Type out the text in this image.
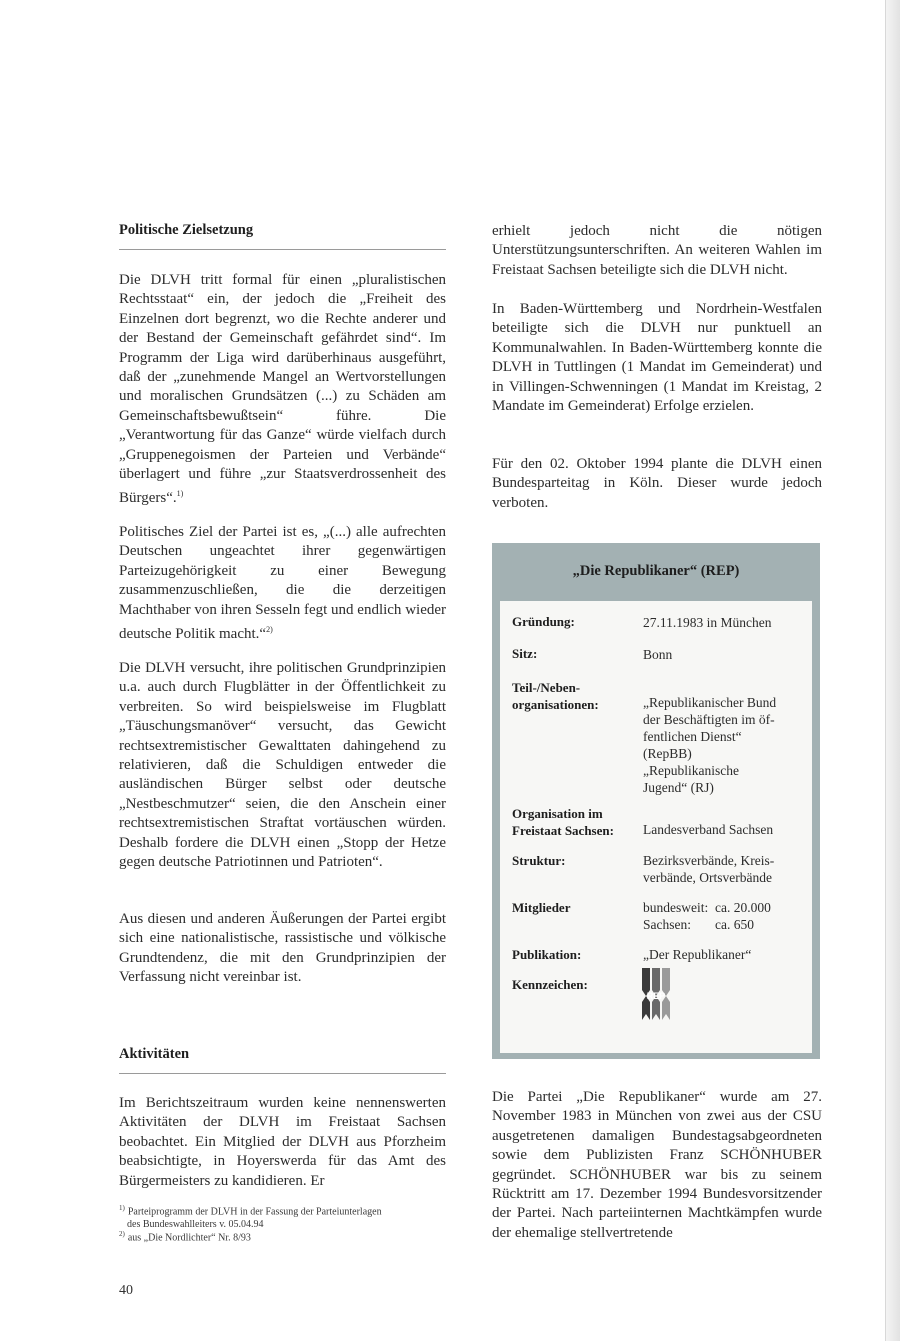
Politische Zielsetzung

Die DLVH tritt formal für einen „pluralistischen Rechtsstaat“ ein, der jedoch die „Freiheit des Einzelnen dort begrenzt, wo die Rechte anderer und der Bestand der Gemeinschaft gefährdet sind“. Im Programm der Liga wird darüberhinaus ausgeführt, daß der „zunehmende Mangel an Wertvorstellungen und moralischen Grundsätzen (...) zu Schäden am Gemeinschaftsbewußtsein“ führe. Die „Verantwortung für das Ganze“ würde vielfach durch „Gruppenegoismen der Parteien und Verbände“ überlagert und führe „zur Staatsverdrossenheit des Bürgers“.$^{1)}$

Politisches Ziel der Partei ist es, „(...) alle aufrechten Deutschen ungeachtet ihrer gegenwärtigen Parteizugehörigkeit zu einer Bewegung zusammenzuschließen, die die derzeitigen Machthaber von ihren Sesseln fegt und endlich wieder deutsche Politik macht.“$^{2)}$

Die DLVH versucht, ihre politischen Grundprinzipien u.a. auch durch Flugblätter in der Öffentlichkeit zu verbreiten. So wird beispielsweise im Flugblatt „Täuschungsmanöver“ versucht, das Gewicht rechtsextremistischer Gewalttaten dahingehend zu relativieren, daß die Schuldigen entweder die ausländischen Bürger selbst oder deutsche „Nestbeschmutzer“ seien, die den Anschein einer rechtsextremistischen Straftat vortäuschen würden. Deshalb fordere die DLVH einen „Stopp der Hetze gegen deutsche Patriotinnen und Patrioten“.

Aus diesen und anderen Äußerungen der Partei ergibt sich eine nationalistische, rassistische und völkische Grundtendenz, die mit den Grundprinzipien der Verfassung nicht vereinbar ist.

Aktivitäten

Im Berichtszeitraum wurden keine nennenswerten Aktivitäten der DLVH im Freistaat Sachsen beobachtet. Ein Mitglied der DLVH aus Pforzheim beabsichtigte, in Hoyerswerda für das Amt des Bürgermeisters zu kandidieren. Er

$^{1)}$ Parteiprogramm der DLVH in der Fassung der Parteiunterlagen
des Bundeswahlleiters v. 05.04.94
$^{2)}$ aus „Die Nordlichter“ Nr. 8/93
40

erhielt jedoch nicht die nötigen Unterstützungsunterschriften. An weiteren Wahlen im Freistaat Sachsen beteiligte sich die DLVH nicht.

In Baden-Württemberg und Nordrhein-Westfalen beteiligte sich die DLVH nur punktuell an Kommunalwahlen. In Baden-Württemberg konnte die DLVH in Tuttlingen (1 Mandat im Gemeinderat) und in Villingen-Schwenningen (1 Mandat im Kreistag, 2 Mandate im Gemeinderat) Erfolge erzielen.

Für den 02. Oktober 1994 plante die DLVH einen Bundesparteitag in Köln. Dieser wurde jedoch verboten.

„Die Republikaner“ (REP)
Gründung:	27.11.1983 in München
Sitz:	Bonn
Teil-/Neben-
organisationen:	„Republikanischer Bund
der Beschäftigten im öf-
fentlichen Dienst“
(RepBB)
„Republikanische
Jugend“ (RJ)
Organisation im
Freistaat Sachsen: Landesverband Sachsen
Struktur:	Bezirksverbände, Kreis-
verbände, Ortsverbände
Mitglieder	bundesweit: ca. 20.000
Sachsen:	ca. 650
Publikation:	„Der Republikaner“
Kennzeichen:
REP

Die Partei „Die Republikaner“ wurde am 27. November 1983 in München von zwei aus der CSU ausgetretenen damaligen Bundestagsabgeordneten sowie dem Publizisten Franz SCHÖNHUBER gegründet. SCHÖNHUBER war bis zu seinem Rücktritt am 17. Dezember 1994 Bundesvorsitzender der Partei. Nach parteiinternen Machtkämpfen wurde der ehemalige stellvertretende
